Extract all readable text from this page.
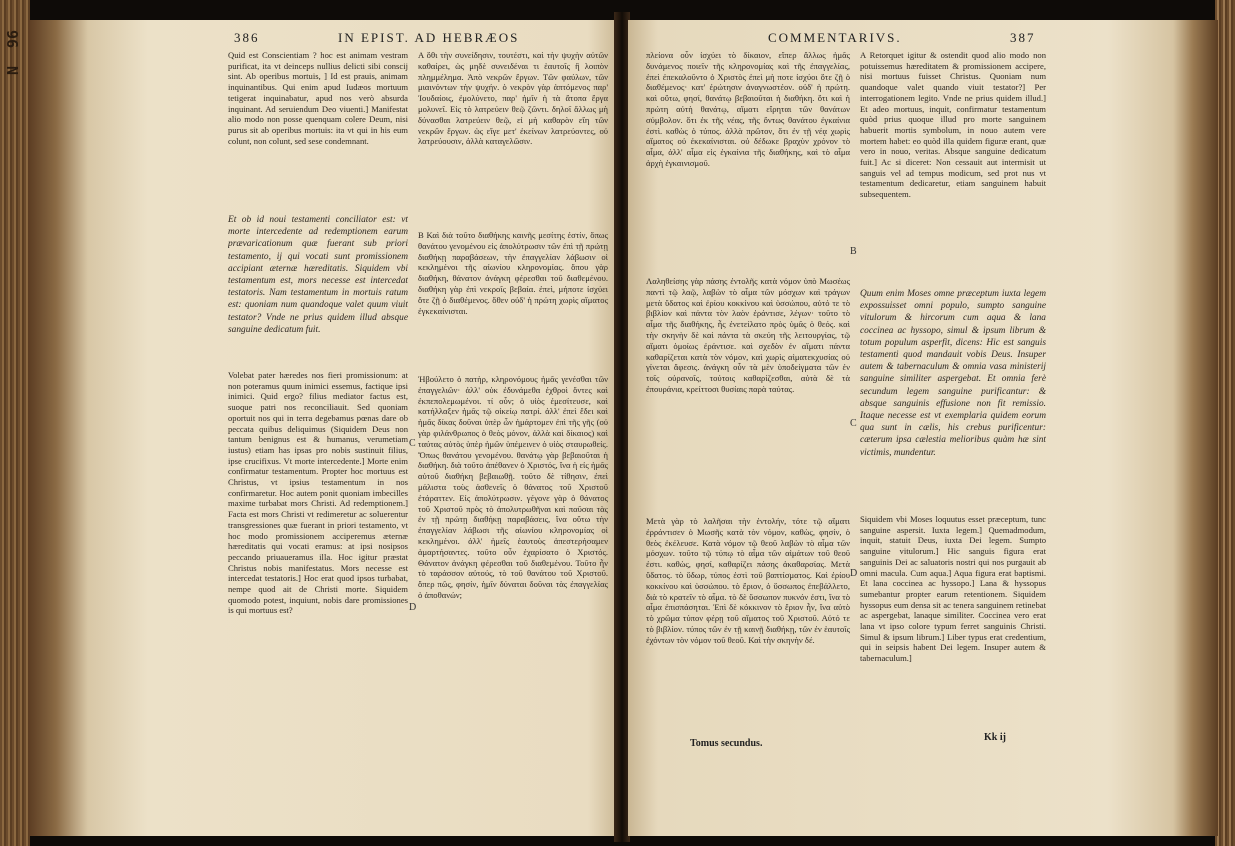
96
N
386	IN EPIST. AD HEBRÆOS
Quid est Conscientiam ? hoc est animam vestram purificat, ita vt deinceps nullius delicti sibi conscij sint. Ab operibus mortuis, ] Id est prauis, animam inquinantibus. Qui enim apud Iudæos mortuum tetigerat inquinabatur, apud nos verò absurda inquinant. Ad seruiendum Deo viuenti.] Manifestat alio modo non posse quenquam colere Deum, nisi purus sit ab operibus mortuis: ita vt qui in his eum colunt, non colunt, sed sese condemnant.
Et ob id noui testamenti conciliator est: vt morte intercedente ad redemptionem earum prævaricationum quæ fuerant sub priori testamento, ij qui vocati sunt promissionem accipiant æternæ hæreditatis. Siquidem vbi testamentum est, mors necesse est intercedat testatoris. Nam testamentum in mortuis ratum est: quoniam num quandoque valet quum viuit testator? Vnde ne prius quidem illud absque sanguine dedicatum fuit.
Volebat pater hæredes nos fieri promissionum: at non poteramus quum inimici essemus, factique ipsi inimici. Quid ergo? filius mediator factus est, suoque patri nos reconciliauit. Sed quoniam oportuit nos qui in terra degebamus pœnas dare ob peccata quibus deliquimus (Siquidem Deus non tantum benignus est & humanus, verumetiam iustus) etiam has ipsas pro nobis sustinuit filius, ipse crucifixus. Vt morte intercedente.] Morte enim confirmatur testamentum. Propter hoc mortuus est Christus, vt ipsius testamentum in nos confirmaretur. Hoc autem ponit quoniam imbecilles maxime turbabat mors Christi. Ad redemptionem.] Facta est mors Christi vt redimeretur ac soluerentur transgressiones quæ fuerant in priori testamento, vt hoc modo promissionem acciperemus æternæ hæreditatis qui vocati eramus: at ipsi nosipsos peccando priuaueramus illa. Hoc igitur præstat Christus nobis manifestatus. Mors necesse est intercedat testatoris.] Hoc erat quod ipsos turbabat, nempe quod ait de Christi morte. Siquidem quomodo potest, inquiunt, nobis dare promissiones is qui mortuus est?
Α ὅθι τὴν συνείδησιν, τουτέστι, καὶ τὴν ψυχὴν αὐτῶν καθαίρει, ὡς μηδὲ συνειδέναι τι ἑαυτοῖς ἢ λοιπὸν πλημμέλημα. Ἀπὸ νεκρῶν ἔργων. Τῶν φαύλων, τῶν μιαινόντων τὴν ψυχήν. ὁ νεκρὸν γὰρ ἁπτόμενος παρ' Ἰουδαίοις, ἐμολύνετο, παρ' ἡμῖν ἡ τὰ ἄτοπα ἔργα μολυνεῖ. Εἰς τὸ λατρεύειν θεῷ ζῶντι. δηλοῖ ἄλλως μὴ δύνασθαι λατρεύειν θεῷ, εἰ μὴ καθαρὸν εἴη τῶν νεκρῶν ἔργων. ὡς εἴγε μετ' ἐκείνων λατρεύοντες, οὐ λατρεύουσιν, ἀλλὰ καταγελῶσιν.
Β Καὶ διὰ τοῦτο διαθήκης καινῆς μεσίτης ἐστίν, ὅπως θανάτου γενομένου εἰς ἀπολύτρωσιν τῶν ἐπὶ τῇ πρώτῃ διαθήκῃ παραβάσεων, τὴν ἐπαγγελίαν λάβωσιν οἱ κεκλημένοι τῆς αἰωνίου κληρονομίας. ὅπου γὰρ διαθήκη, θάνατον ἀνάγκη φέρεσθαι τοῦ διαθεμένου. διαθήκη γὰρ ἐπὶ νεκροῖς βεβαία. ἐπεὶ, μήποτε ἰσχύει ὅτε ζῇ ὁ διαθέμενος. ὅθεν οὐδ' ἡ πρώτη χωρὶς αἵματος ἐγκεκαίνισται.
Ἠβούλετο ὁ πατὴρ, κληρονόμους ἡμᾶς γενέσθαι τῶν ἐπαγγελιῶν· ἀλλ' οὐκ ἐδυνάμεθα ἐχθροὶ ὄντες καὶ ἐκπεπολεμωμένοι. τί οὖν; ὁ υἱὸς ἐμεσίτευσε, καὶ κατήλλαξεν ἡμᾶς τῷ οἰκείῳ πατρί. ἀλλ' ἐπεὶ ἔδει καὶ ἡμᾶς δίκας δοῦναι ὑπὲρ ὧν ἡμάρτομεν ἐπὶ τῆς γῆς (οὐ γὰρ φιλάνθρωπος ὁ θεὸς μόνον, ἀλλὰ καὶ δίκαιος) καὶ ταύτας αὐτὸς ὑπὲρ ἡμῶν ὑπέμεινεν ὁ υἱὸς σταυρωθείς. Ὅπως θανάτου γενομένου. θανάτῳ γὰρ βεβαιοῦται ἡ διαθήκη. διὰ τοῦτο ἀπέθανεν ὁ Χριστός, ἵνα ἡ εἰς ἡμᾶς αὐτοῦ διαθήκη βεβαιωθῇ. τοῦτο δὲ τίθησιν, ἐπεὶ μάλιστα τοὺς ἀσθενεῖς ὁ θάνατος τοῦ Χριστοῦ ἐτάραττεν. Εἰς ἀπολύτρωσιν. γέγονε γὰρ ὁ θάνατος τοῦ Χριστοῦ πρὸς τὸ ἀπολυτρωθῆναι καὶ παῦσαι τὰς ἐν τῇ πρώτῃ διαθήκῃ παραβάσεις, ἵνα οὕτω τὴν ἐπαγγελίαν λάβωσι τῆς αἰωνίου κληρονομίας οἱ κεκλημένοι. ἀλλ' ἡμεῖς ἑαυτοὺς ἀπεστερήσαμεν ἁμαρτήσαντες. τοῦτο οὖν ἐχαρίσατο ὁ Χριστός. Θάνατον ἀνάγκη φέρεσθαι τοῦ διαθεμένου. Τοῦτο ἦν τὸ ταράσσον αὐτούς, τὸ τοῦ θανάτου τοῦ Χριστοῦ. ὅπερ πῶς, φησίν, ἡμῖν δύναται δοῦναι τὰς ἐπαγγελίας ὁ ἀποθανών;
C
D
COMMENTARIVS.	387
πλείονα οὖν ἰσχύει τὸ δίκαιον, εἴπερ ἄλλως ἡμᾶς δυνάμενος ποιεῖν τῆς κληρονομίας καὶ τῆς ἐπαγγελίας, ἐπεὶ ἐπεκαλοῦντο ὁ Χριστὸς ἐπεὶ μὴ ποτε ἰσχύοι ὅτε ζῇ ὁ διαθέμενος· κατ' ἐρώτησιν ἀναγνωστέον. οὐδ' ἡ πρώτη. καὶ οὕτω, φησί, θανάτῳ βεβαιοῦται ἡ διαθήκη. ὅτι καὶ ἡ πρώτη αὐτὴ θανάτῳ, αἵματι εἴρηται τῶν θανάτων σύμβολον. ὅτι ἐκ τῆς νέας, τῆς ὄντως θανάτου ἐγκαίνια ἐστὶ. καθὼς ὁ τύπος. ἀλλὰ πρῶτον, ὅτι ἐν τῇ νέᾳ χωρὶς αἵματος οὐ ἐκεκαίνισται. οὐ δέδωκε βραχὺν χρόνον τὸ αἷμα, ἀλλ' αἷμα εἰς ἐγκαίνια τῆς διαθήκης, καὶ τὸ αἷμα ἀρχὴ ἐγκαινισμοῦ.
Λαληθείσης γὰρ πάσης ἐντολῆς κατὰ νόμον ὑπὸ Μωσέως παντὶ τῷ λαῷ, λαβὼν τὸ αἷμα τῶν μόσχων καὶ τράγων μετὰ ὕδατος καὶ ἐρίου κοκκίνου καὶ ὑσσώπου, αὐτό τε τὸ βιβλίον καὶ πάντα τὸν λαὸν ἐράντισε, λέγων· τοῦτο τὸ αἷμα τῆς διαθήκης, ἧς ἐνετείλατο πρὸς ὑμᾶς ὁ θεός. καὶ τὴν σκηνὴν δὲ καὶ πάντα τὰ σκεύη τῆς λειτουργίας, τῷ αἵματι ὁμοίως ἐράντισε. καὶ σχεδὸν ἐν αἵματι πάντα καθαρίζεται κατὰ τὸν νόμον, καὶ χωρὶς αἱματεκχυσίας οὐ γίνεται ἄφεσις. ἀνάγκη οὖν τὰ μὲν ὑποδείγματα τῶν ἐν τοῖς οὐρανοῖς, τούτοις καθαρίζεσθαι, αὐτὰ δὲ τὰ ἐπουράνια, κρείττοσι θυσίαις παρὰ ταύτας.
Μετὰ γὰρ τὸ λαλῆσαι τὴν ἐντολήν, τότε τῷ αἵματι ἐρράντισεν ὁ Μωσῆς κατὰ τὸν νόμον, καθὼς, φησίν, ὁ θεὸς ἐκέλευσε. Κατὰ νόμον τῷ θεοῦ λαβὼν τὸ αἷμα τῶν μόσχων. τοῦτο τῷ τύπῳ τὸ αἷμα τῶν αἱμάτων τοῦ θεοῦ ἐστι. καθὼς, φησί, καθαρίζει πάσης ἀκαθαρσίας. Μετὰ ὕδατος. τὸ ὕδωρ, τύπος ἐστὶ τοῦ βαπτίσματος. Καὶ ἐρίου κοκκίνου καὶ ὑσσώπου. τὸ ἔριον, ὁ ὕσσωπος ἐπεβάλλετο, διὰ τὸ κρατεῖν τὸ αἷμα. τὸ δὲ ὕσσωπον πυκνόν ἐστι, ἵνα τὸ αἷμα ἐπισπάσηται. Ἐπὶ δὲ κόκκινον τὸ ἔριον ἦν, ἵνα αὐτὸ τὸ χρῶμα τύπον φέρῃ τοῦ αἵματος τοῦ Χριστοῦ. Αὐτό τε τὸ βιβλίον. τύπος τῶν ἐν τῇ καινῇ διαθήκῃ, τῶν ἐν ἑαυτοῖς ἐχόντων τὸν νόμον τοῦ θεοῦ. Καὶ τὴν σκηνὴν δέ.
Tomus secundus.
Α Retorquet igitur & ostendit quod alio modo non potuissemus hæreditatem & promissionem accipere, nisi mortuus fuisset Christus. Quoniam num quandoque valet quando viuit testator?] Per interrogationem legito. Vnde ne prius quidem illud.] Et adeo mortuus, inquit, confirmatur testamentum quòd prius quoque illud pro morte sanguinem habuerit mortis symbolum, in nouo autem vere mortem habet: eo quòd illa quidem figuræ erant, quæ vero in nouo, veritas. Absque sanguine dedicatum fuit.] Ac si diceret: Non cessauit aut intermisit ut sanguis vel ad tempus modicum, sed prot nus vt testamentum dedicaretur, etiam sanguinem habuit subsequentem.
Quum enim Moses omne præceptum iuxta legem expossuisset omni populo, sumpto sanguine vitulorum & hircorum cum aqua & lana coccinea ac hyssopo, simul & ipsum librum & totum populum asperfit, dicens: Hic est sanguis testamenti quod mandauit vobis Deus. Insuper autem & tabernaculum & omnia vasa ministerij sanguine similiter aspergebat. Et omnia ferè secundum legem sanguine purificantur: & absque sanguinis effusione non fit remissio. Itaque necesse est vt exemplaria quidem eorum qua sunt in cælis, his crebus purificentur: cæterum ipsa cælestia melioribus quàm hæ sint victimis, mundentur.
Siquidem vbi Moses loquutus esset præceptum, tunc sanguine aspersit. Iuxta legem.] Quemadmodum, inquit, statuit Deus, iuxta Dei legem. Sumpto sanguine vitulorum.] Hic sanguis figura erat sanguinis Dei ac saluatoris nostri qui nos purgauit ab omni macula. Cum aqua.] Aqua figura erat baptismi. Et lana coccinea ac hyssopo.] Lana & hyssopus sumebantur propter earum retentionem. Siquidem hyssopus eum densa sit ac tenera sanguinem retinebat ac aspergebat, lanaque similiter. Coccinea vero erat lana vt ipso colore typum ferret sanguinis Christi. Simul & ipsum librum.] Liber typus erat credentium, qui in seipsis habent Dei legem. Insuper autem & tabernaculum.]
Kk ij
B
C
D
